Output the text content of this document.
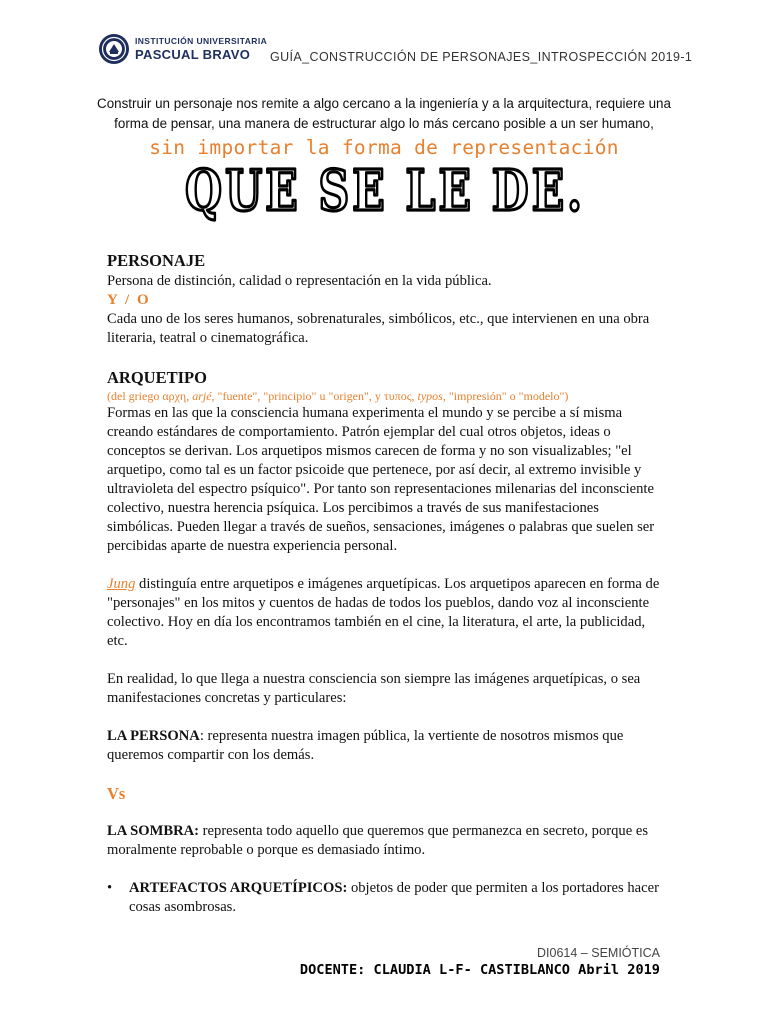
INSTITUCIÓN UNIVERSITARIA
PASCUAL BRAVO	GUÍA_CONSTRUCCIÓN DE PERSONAJES_INTROSPECCIÓN 2019-1
Construir un personaje nos remite a algo cercano a la ingeniería y a la arquitectura, requiere una
forma de pensar, una manera de estructurar algo lo más cercano posible a un ser humano,
sin importar la forma de representación
QUE SE LE DE.

PERSONAJE

Persona de distinción, calidad o representación en la vida pública.

Y / O

Cada uno de los seres humanos, sobrenaturales, simbólicos, etc., que intervienen en una obra literaria, teatral o cinematográfica.

ARQUETIPO

(del griego αρχη, arjé, "fuente", "principio" u "origen", y τυπος, typos, "impresión" o "modelo")

Formas en las que la consciencia humana experimenta el mundo y se percibe a sí misma creando estándares de comportamiento. Patrón ejemplar del cual otros objetos, ideas o conceptos se derivan. Los arquetipos mismos carecen de forma y no son visualizables; "el arquetipo, como tal es un factor psicoide que pertenece, por así decir, al extremo invisible y ultravioleta del espectro psíquico". Por tanto son representaciones milenarias del inconsciente colectivo, nuestra herencia psíquica. Los percibimos a través de sus manifestaciones simbólicas. Pueden llegar a través de sueños, sensaciones, imágenes o palabras que suelen ser percibidas aparte de nuestra experiencia personal.

Jung distinguía entre arquetipos e imágenes arquetípicas. Los arquetipos aparecen en forma de "personajes" en los mitos y cuentos de hadas de todos los pueblos, dando voz al inconsciente colectivo. Hoy en día los encontramos también en el cine, la literatura, el arte, la publicidad, etc.

En realidad, lo que llega a nuestra consciencia son siempre las imágenes arquetípicas, o sea manifestaciones concretas y particulares:

LA PERSONA: representa nuestra imagen pública, la vertiente de nosotros mismos que queremos compartir con los demás.

Vs

LA SOMBRA: representa todo aquello que queremos que permanezca en secreto, porque es moralmente reprobable o porque es demasiado íntimo.

•	ARTEFACTOS ARQUETÍPICOS: objetos de poder que permiten a los portadores hacer cosas asombrosas.

DI0614 – SEMIÓTICA
DOCENTE: CLAUDIA L-F- CASTIBLANCO Abril 2019
